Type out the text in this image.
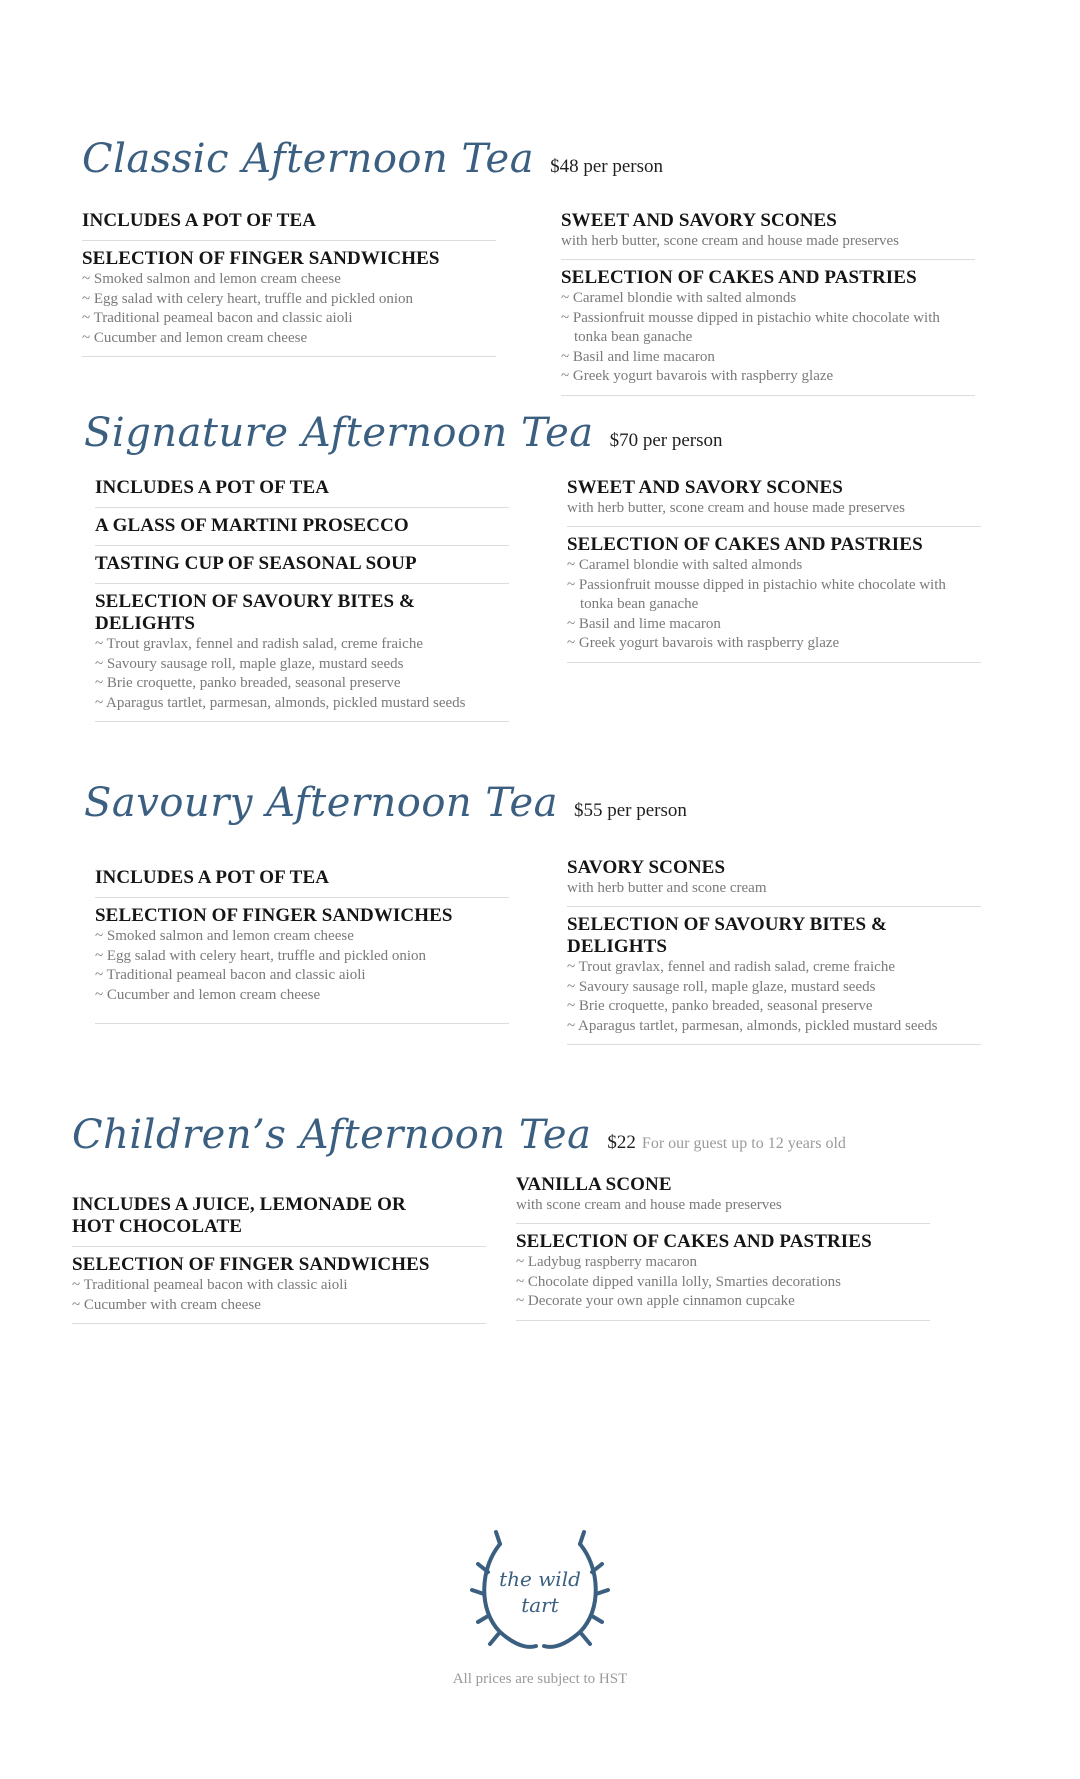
Classic Afternoon Tea $48 per person
INCLUDES A POT OF TEA
SELECTION OF FINGER SANDWICHES
~ Smoked salmon and lemon cream cheese
~ Egg salad with celery heart, truffle and pickled onion
~ Traditional peameal bacon and classic aioli
~ Cucumber and lemon cream cheese
SWEET AND SAVORY SCONES
with herb butter, scone cream and house made preserves
SELECTION OF CAKES AND PASTRIES
~ Caramel blondie with salted almonds
~ Passionfruit mousse dipped in pistachio white chocolate with tonka bean ganache
~ Basil and lime macaron
~ Greek yogurt bavarois with raspberry glaze
Signature Afternoon Tea $70 per person
INCLUDES A POT OF TEA
A GLASS OF MARTINI PROSECCO
TASTING CUP OF SEASONAL SOUP
SELECTION OF SAVOURY BITES & DELIGHTS
~ Trout gravlax, fennel and radish salad, creme fraiche
~ Savoury sausage roll, maple glaze, mustard seeds
~ Brie croquette, panko breaded, seasonal preserve
~ Aparagus tartlet, parmesan, almonds, pickled mustard seeds
SWEET AND SAVORY SCONES
with herb butter, scone cream and house made preserves
SELECTION OF CAKES AND PASTRIES
~ Caramel blondie with salted almonds
~ Passionfruit mousse dipped in pistachio white chocolate with tonka bean ganache
~ Basil and lime macaron
~ Greek yogurt bavarois with raspberry glaze
Savoury Afternoon Tea $55 per person
INCLUDES A POT OF TEA
SELECTION OF FINGER SANDWICHES
~ Smoked salmon and lemon cream cheese
~ Egg salad with celery heart, truffle and pickled onion
~ Traditional peameal bacon and classic aioli
~ Cucumber and lemon cream cheese
SAVORY SCONES
with herb butter and scone cream
SELECTION OF SAVOURY BITES & DELIGHTS
~ Trout gravlax, fennel and radish salad, creme fraiche
~ Savoury sausage roll, maple glaze, mustard seeds
~ Brie croquette, panko breaded, seasonal preserve
~ Aparagus tartlet, parmesan, almonds, pickled mustard seeds
Children’s Afternoon Tea $22 For our guest up to 12 years old
INCLUDES A JUICE, LEMONADE OR HOT CHOCOLATE
SELECTION OF FINGER SANDWICHES
~ Traditional peameal bacon with classic aioli
~ Cucumber with cream cheese
VANILLA SCONE
with scone cream and house made preserves
SELECTION OF CAKES AND PASTRIES
~ Ladybug raspberry macaron
~ Chocolate dipped vanilla lolly, Smarties decorations
~ Decorate your own apple cinnamon cupcake
the wild
tart
All prices are subject to HST
